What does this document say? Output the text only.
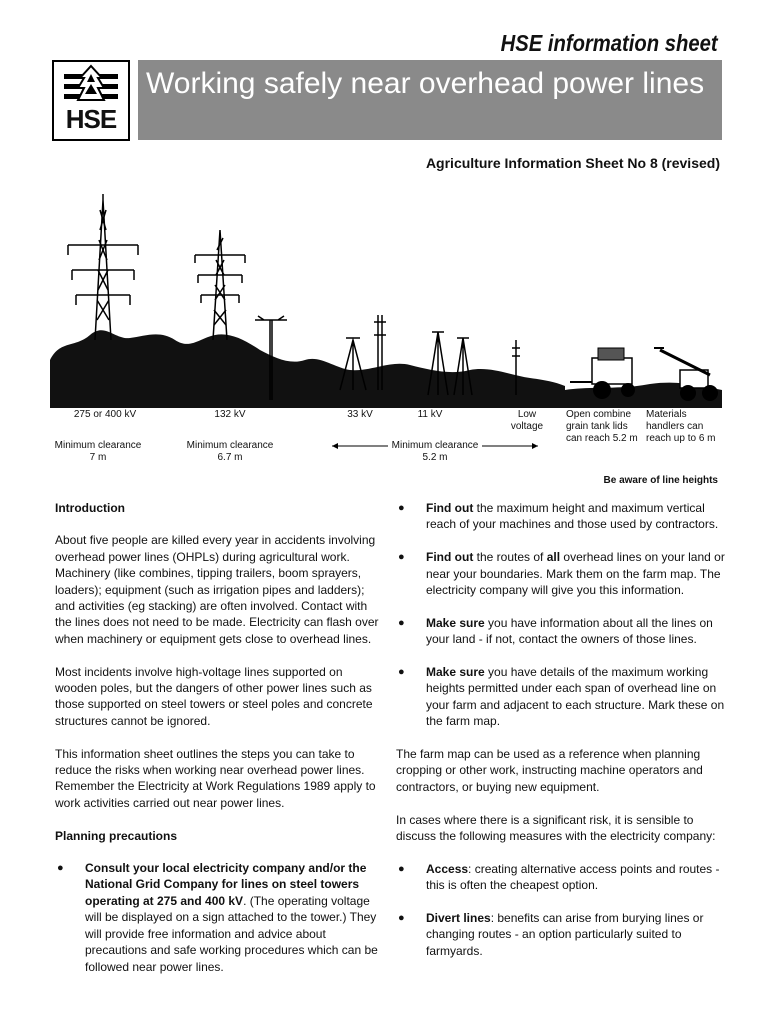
HSE information sheet
HSE
Working safely near overhead power lines
Agriculture Information Sheet No 8 (revised)
275 or 400 kV	132 kV	33 kV	11 kV	Low voltage
Open combine grain tank lids can reach 5.2 m
Materials handlers can reach up to 6 m
Minimum clearance
7 m
Minimum clearance
6.7 m
Minimum clearance
5.2 m
Be aware of line heights
Introduction

About five people are killed every year in accidents involving overhead power lines (OHPLs) during agricultural work. Machinery (like combines, tipping trailers, boom sprayers, loaders); equipment (such as irrigation pipes and ladders); and activities (eg stacking) are often involved. Contact with the lines does not need to be made. Electricity can flash over when machinery or equipment gets close to overhead lines.

Most incidents involve high-voltage lines supported on wooden poles, but the dangers of other power lines such as those supported on steel towers or steel poles and concrete structures cannot be ignored.

This information sheet outlines the steps you can take to reduce the risks when working near overhead power lines. Remember the Electricity at Work Regulations 1989 apply to work activities carried out near power lines.

Planning precautions
● Consult your local electricity company and/or the National Grid Company for lines on steel towers operating at 275 and 400 kV. (The operating voltage will be displayed on a sign attached to the tower.) They will provide free information and advice about precautions and safe working procedures which can be followed near power lines.
● Find out the maximum height and maximum vertical reach of your machines and those used by contractors.
● Find out the routes of all overhead lines on your land or near your boundaries. Mark them on the farm map. The electricity company will give you this information.
● Make sure you have information about all the lines on your land - if not, contact the owners of those lines.
● Make sure you have details of the maximum working heights permitted under each span of overhead line on your farm and adjacent to each structure. Mark these on the farm map.

The farm map can be used as a reference when planning cropping or other work, instructing machine operators and contractors, or buying new equipment.

In cases where there is a significant risk, it is sensible to discuss the following measures with the electricity company:

● Access: creating alternative access points and routes - this is often the cheapest option.
● Divert lines: benefits can arise from burying lines or changing routes - an option particularly suited to farmyards.
